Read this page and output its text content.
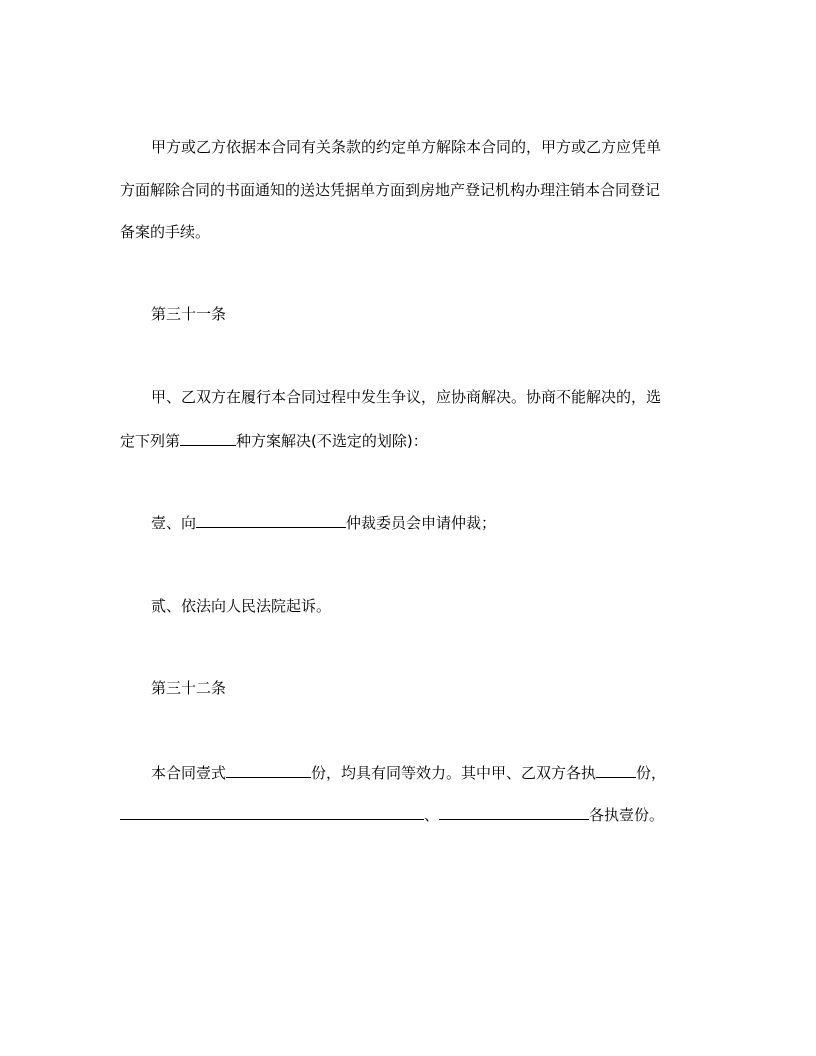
甲方或乙方依据本合同有关条款的约定单方解除本合同的，甲方或乙方应凭单
方面解除合同的书面通知的送达凭据单方面到房地产登记机构办理注销本合同登记
备案的手续。
第三十一条
甲、乙双方在履行本合同过程中发生争议，应协商解决。协商不能解决的，选
定下列第	种方案解决(不选定的划除)：
壹、向	仲裁委员会申请仲裁；
贰、依法向人民法院起诉。
第三十二条
本合同壹式	份，均具有同等效力。其中甲、乙双方各执	份，
、	各执壹份。
